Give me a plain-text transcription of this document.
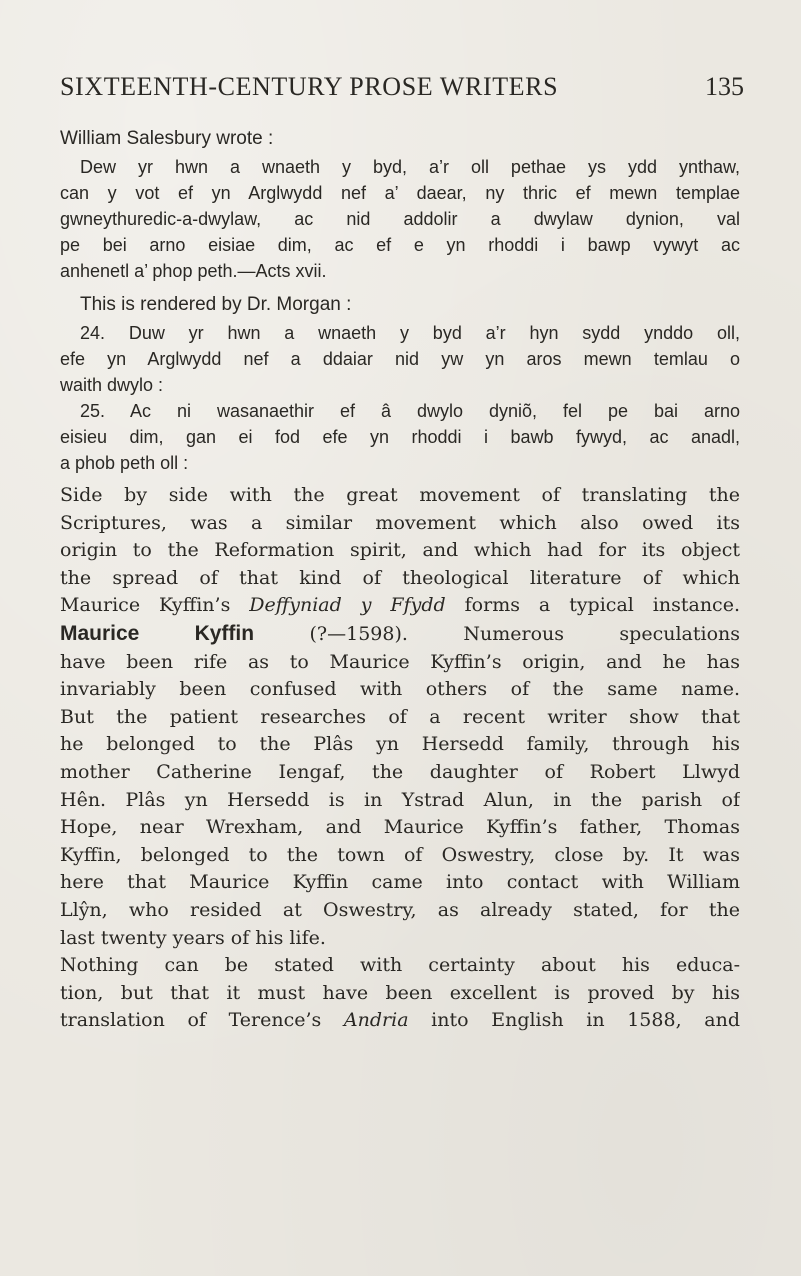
SIXTEENTH-CENTURY PROSE WRITERS	135
William Salesbury wrote :
Dew yr hwn a wnaeth y byd, a’r oll pethae ys ydd ynthaw,
can y vot ef yn Arglwydd nef a’ daear, ny thric ef mewn templae
gwneythuredic-a-dwylaw, ac nid addolir a dwylaw dynion, val
pe bei arno eisiae dim, ac ef e yn rhoddi i bawp vywyt ac
anhenetl a’ phop peth.—Acts xvii.
This is rendered by Dr. Morgan :
24. Duw yr hwn a wnaeth y byd a’r hyn sydd ynddo oll,
efe yn Arglwydd nef a ddaiar nid yw yn aros mewn temlau o
waith dwylo :
25. Ac ni wasanaethir ef â dwylo dyniõ, fel pe bai arno
eisieu dim, gan ei fod efe yn rhoddi i bawb fywyd, ac anadl,
a phob peth oll :
Side by side with the great movement of translating the
Scriptures, was a similar movement which also owed its
origin to the Reformation spirit, and which had for its object
the spread of that kind of theological literature of which
Maurice Kyffin’s Deffyniad y Ffydd forms a typical instance.
Maurice Kyffin (?—1598). Numerous speculations
have been rife as to Maurice Kyffin’s origin, and he has
invariably been confused with others of the same name.
But the patient researches of a recent writer show that
he belonged to the Plâs yn Hersedd family, through his
mother Catherine Iengaf, the daughter of Robert Llwyd
Hên. Plâs yn Hersedd is in Ystrad Alun, in the parish of
Hope, near Wrexham, and Maurice Kyffin’s father, Thomas
Kyffin, belonged to the town of Oswestry, close by. It was
here that Maurice Kyffin came into contact with William
Llŷn, who resided at Oswestry, as already stated, for the
last twenty years of his life.
Nothing can be stated with certainty about his educa-
tion, but that it must have been excellent is proved by his
translation of Terence’s Andria into English in 1588, and
